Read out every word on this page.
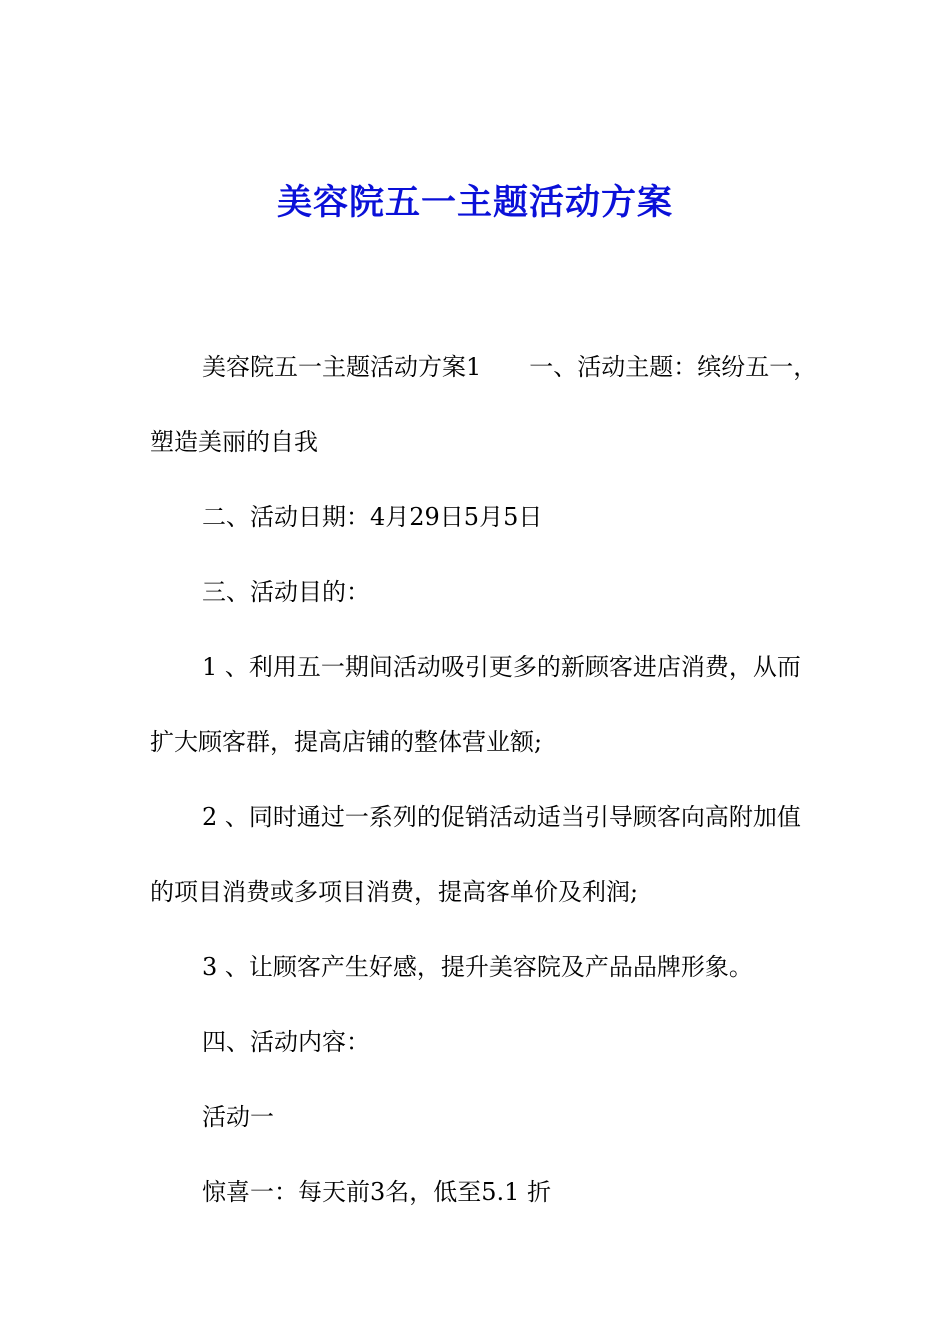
美容院五一主题活动方案

美容院五一主题活动方案1　　一、活动主题：缤纷五一，塑造美丽的自我

二、活动日期：4月29日5月5日

三、活动目的：

1 、利用五一期间活动吸引更多的新顾客进店消费，从而扩大顾客群，提高店铺的整体营业额;

2 、同时通过一系列的促销活动适当引导顾客向高附加值的项目消费或多项目消费，提高客单价及利润;

3 、让顾客产生好感，提升美容院及产品品牌形象。

四、活动内容：

活动一

惊喜一：每天前3名，低至5.1 折
